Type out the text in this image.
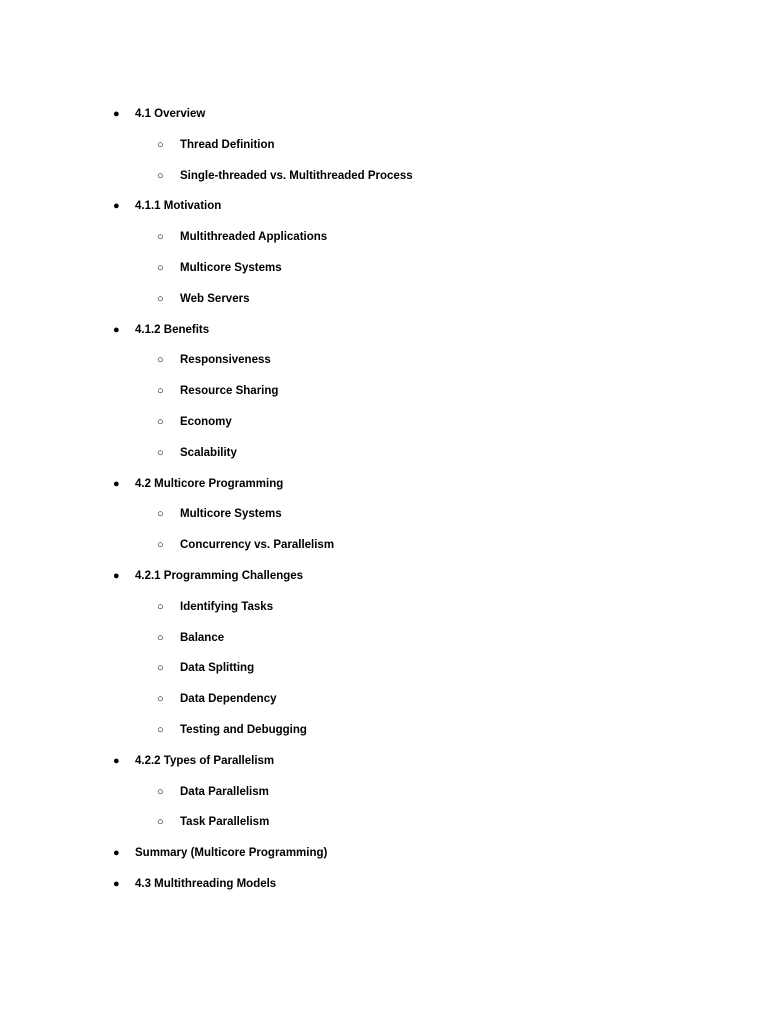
● 4.1 Overview
○ Thread Definition
○ Single-threaded vs. Multithreaded Process
● 4.1.1 Motivation
○ Multithreaded Applications
○ Multicore Systems
○ Web Servers
● 4.1.2 Benefits
○ Responsiveness
○ Resource Sharing
○ Economy
○ Scalability
● 4.2 Multicore Programming
○ Multicore Systems
○ Concurrency vs. Parallelism
● 4.2.1 Programming Challenges
○ Identifying Tasks
○ Balance
○ Data Splitting
○ Data Dependency
○ Testing and Debugging
● 4.2.2 Types of Parallelism
○ Data Parallelism
○ Task Parallelism
● Summary (Multicore Programming)
● 4.3 Multithreading Models
